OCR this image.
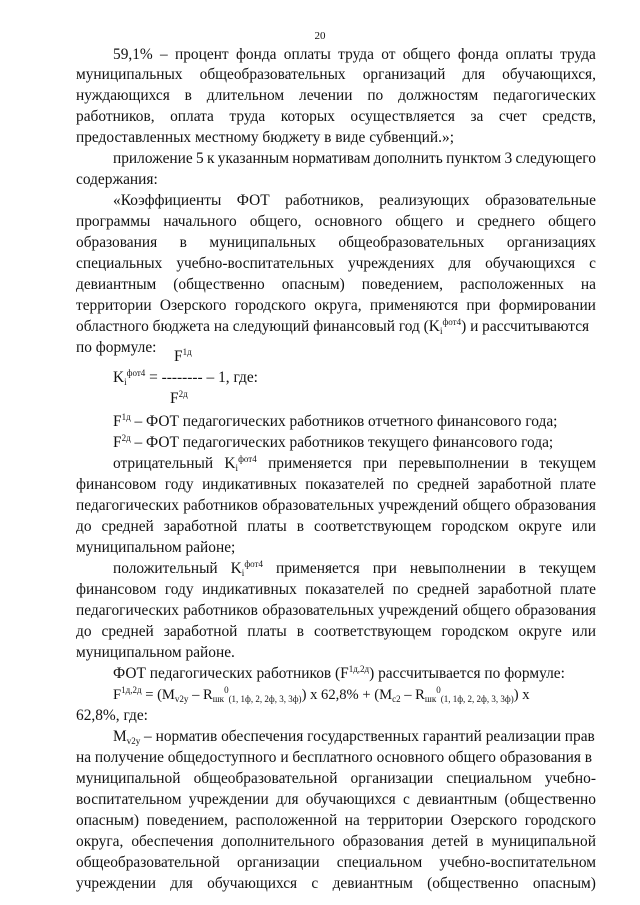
20
59,1% – процент фонда оплаты труда от общего фонда оплаты труда
муниципальных общеобразовательных организаций для обучающихся,
нуждающихся в длительном лечении по должностям педагогических
работников, оплата труда которых осуществляется за счет средств,
предоставленных местному бюджету в виде субвенций.»;
приложение 5 к указанным нормативам дополнить пунктом 3 следующего
содержания:
«Коэффициенты ФОТ работников, реализующих образовательные
программы начального общего, основного общего и среднего общего
образования в муниципальных общеобразовательных организациях
специальных учебно-воспитательных учреждениях для обучающихся с
девиантным (общественно опасным) поведением, расположенных на
территории Озерского городского округа, применяются при формировании
областного бюджета на следующий финансовый год $(K_i^{фот4})$ и рассчитываются
по формуле:
$F^{1д}$
$K_i^{фот4}$ = -------- – 1, где:
$F^{2д}$
$F^{1д}$ – ФОТ педагогических работников отчетного финансового года;
$F^{2д}$ – ФОТ педагогических работников текущего финансового года;
отрицательный $K_i^{фот4}$ применяется при перевыполнении в текущем
финансовом году индикативных показателей по средней заработной плате
педагогических работников образовательных учреждений общего образования
до средней заработной платы в соответствующем городском округе или
муниципальном районе;
положительный $K_i^{фот4}$ применяется при невыполнении в текущем
финансовом году индикативных показателей по средней заработной плате
педагогических работников образовательных учреждений общего образования
до средней заработной платы в соответствующем городском округе или
муниципальном районе.
ФОТ педагогических работников $(F^{1д,2д})$ рассчитывается по формуле:
$F^{1д,2д} = (M_{v2y} - R_{шк}^0_{(1, 1ф, 2, 2ф, 3, 3ф)})$ х $62,8\% + (M_{c2} - R_{шк}^0_{(1, 1ф, 2, 2ф, 3, 3ф)})$ х
62,8%, где:
$M_{v2y}$ – норматив обеспечения государственных гарантий реализации прав
на получение общедоступного и бесплатного основного общего образования в
муниципальной общеобразовательной организации специальном учебно-
воспитательном учреждении для обучающихся с девиантным (общественно
опасным) поведением, расположенной на территории Озерского городского
округа, обеспечения дополнительного образования детей в муниципальной
общеобразовательной организации специальном учебно-воспитательном
учреждении для обучающихся с девиантным (общественно опасным)
